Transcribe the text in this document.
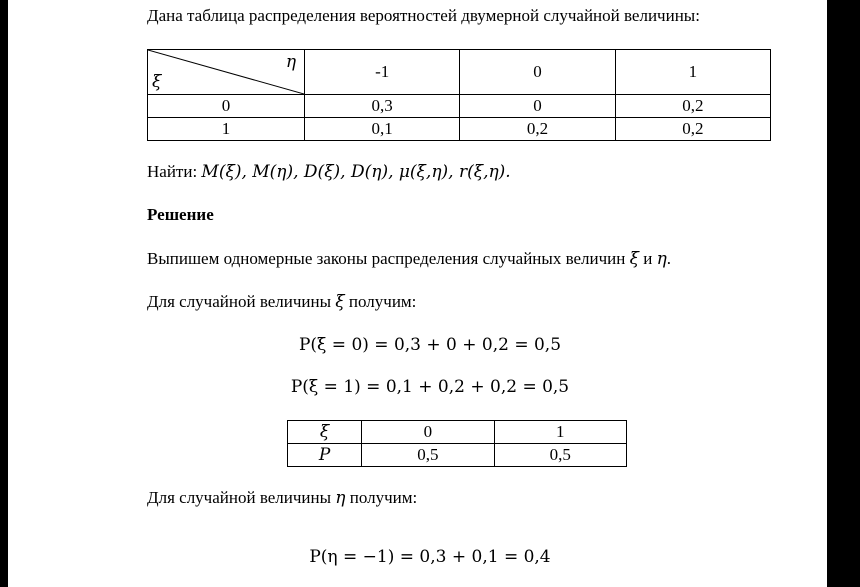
Дана таблица распределения вероятностей двумерной случайной величины:
η
ξ	-1	0	1
0	0,3	0	0,2
1	0,1	0,2	0,2
Найти: M(ξ), M(η), D(ξ), D(η), μ(ξ,η), r(ξ,η).
Решение
Выпишем одномерные законы распределения случайных величин ξ и η.
Для случайной величины ξ получим:
P(ξ = 0) = 0,3 + 0 + 0,2 = 0,5
P(ξ = 1) = 0,1 + 0,2 + 0,2 = 0,5
ξ	0	1
P	0,5	0,5
Для случайной величины η получим:
P(η = −1) = 0,3 + 0,1 = 0,4
